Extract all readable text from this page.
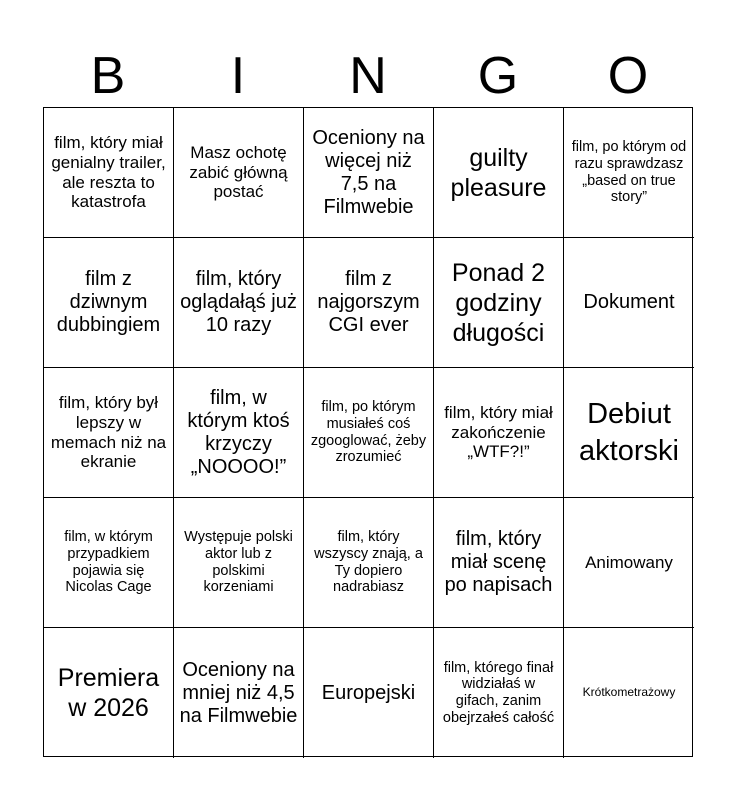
B	I	N	G	O
film, który miał genialny trailer, ale reszta to katastrofa
Masz ochotę zabić główną postać
Oceniony na więcej niż 7,5 na Filmwebie
guilty pleasure
film, po którym od razu sprawdzasz „based on true story”
film z dziwnym dubbingiem
film, który oglądałąś już 10 razy
film z najgorszym CGI ever
Ponad 2 godziny długości
Dokument
film, który był lepszy w memach niż na ekranie
film, w którym ktoś krzyczy „NOOOO!”
film, po którym musiałeś coś zgooglować, żeby zrozumieć
film, który miał zakończenie „WTF?!”
Debiut aktorski
film, w którym przypadkiem pojawia się Nicolas Cage
Występuje polski aktor lub z polskimi korzeniami
film, który wszyscy znają, a Ty dopiero nadrabiasz
film, który miał scenę po napisach
Animowany
Premiera w 2026
Oceniony na mniej niż 4,5 na Filmwebie
Europejski
film, którego finał widziałaś w gifach, zanim obejrzałeś całość
Krótkometrażowy
